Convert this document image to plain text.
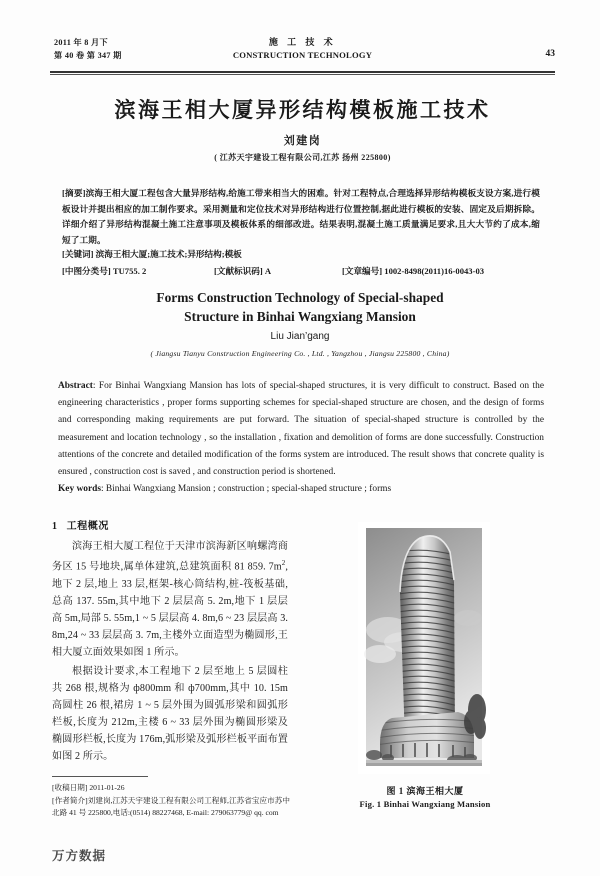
2011 年 8 月下
第 40 卷 第 347 期
施 工 技 术
CONSTRUCTION TECHNOLOGY	43
滨海王相大厦异形结构模板施工技术
刘建岗
( 江苏天宇建设工程有限公司,江苏 扬州 225800)
[摘要]滨海王相大厦工程包含大量异形结构,给施工带来相当大的困难。针对工程特点,合理选择异形结构模板支设方案,进行模板设计并提出相应的加工制作要求。采用测量和定位技术对异形结构进行位置控制,据此进行模板的安装、固定及后期拆除。详细介绍了异形结构混凝土施工注意事项及模板体系的细部改进。结果表明,混凝土施工质量满足要求,且大大节约了成本,缩短了工期。
[关键词] 滨海王相大厦;施工技术;异形结构;模板
[中图分类号] TU755. 2	[文献标识码] A	[文章编号] 1002-8498(2011)16-0043-03
Forms Construction Technology of Special-shaped
Structure in Binhai Wangxiang Mansion
Liu Jian’gang
( Jiangsu Tianyu Construction Engineering Co. , Ltd. , Yangzhou , Jiangsu 225800 , China)
Abstract: For Binhai Wangxiang Mansion has lots of special-shaped structures, it is very difficult to construct. Based on the engineering characteristics , proper forms supporting schemes for special-shaped structure are chosen, and the design of forms and corresponding making requirements are put forward. The situation of special-shaped structure is controlled by the measurement and location technology , so the installation , fixation and demolition of forms are done successfully. Construction attentions of the concrete and detailed modification of the forms system are introduced. The result shows that concrete quality is ensured , construction cost is saved , and construction period is shortened.
Key words: Binhai Wangxiang Mansion ; construction ; special-shaped structure ; forms
1 工程概况

滨海王相大厦工程位于天津市滨海新区响螺湾商务区 15 号地块,属单体建筑,总建筑面积 81 859. $7m^2$,地下 2 层,地上 33 层,框架-核心筒结构,桩-筏板基础,总高 137. 55m,其中地下 2 层层高 5. 2m,地下 1 层层高 5m,局部 5. 55m,1 ~ 5 层层高 4. 8m,6 ~ 23 层层高 3. 8m,24 ~ 33 层层高 3. 7m,主楼外立面造型为椭圆形,王相大厦立面效果如图 1 所示。

根据设计要求,本工程地下 2 层至地上 5 层圆柱共 268 根,规格为 ф800mm 和 ф700mm,其中 10. 15m 高圆柱 26 根,裙房 1 ~ 5 层外围为圆弧形梁和圆弧形栏板,长度为 212m,主楼 6 ~ 33 层外围为椭圆形梁及椭圆形栏板,长度为 176m,弧形梁及弧形栏板平面布置如图 2 所示。

[收稿日期] 2011-01-26
[作者简介]刘建岗,江苏天宇建设工程有限公司工程师,江苏省宝应市苏中北路 41 号 225800,电话:(0514) 88227468, E-mail: 279063779@ qq. com
图 1 滨海王相大厦
Fig. 1 Binhai Wangxiang Mansion
万方数据
